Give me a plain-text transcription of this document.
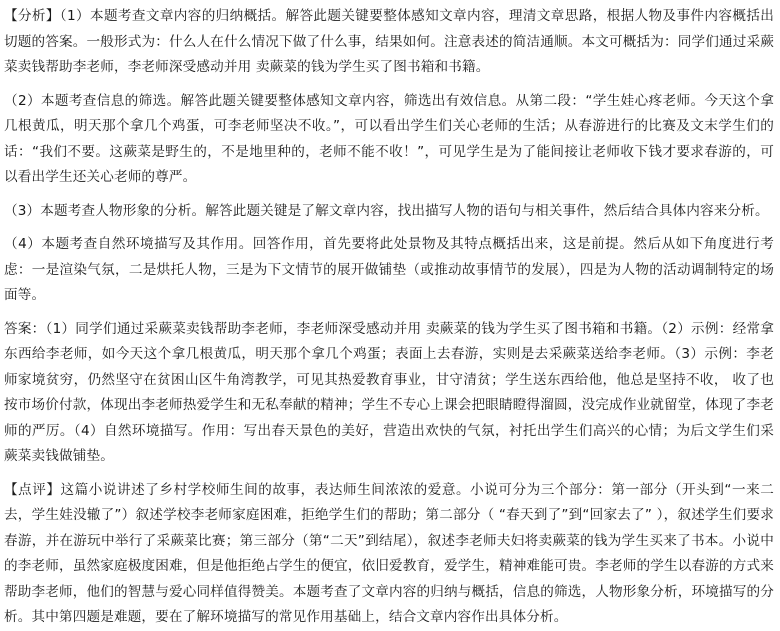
【分析】（1）本题考查文章内容的归纳概括。解答此题关键要整体感知文章内容，理清文章思路，根据人物及事件内容概括出切题的答案。一般形式为：什么人在什么情况下做了什么事，结果如何。注意表述的简洁通顺。本文可概括为：同学们通过采蕨菜卖钱帮助李老师，李老师深受感动并用 卖蕨菜的钱为学生买了图书箱和书籍。

（2）本题考查信息的筛选。解答此题关键要整体感知文章内容，筛选出有效信息。从第二段：“学生娃心疼老师。今天这个拿几根黄瓜，明天那个拿几个鸡蛋，可李老师坚决不收。”，可以看出学生们关心老师的生活；从春游进行的比赛及文末学生们的话：“我们不要。这蕨菜是野生的，不是地里种的，老师不能不收！”，可见学生是为了能间接让老师收下钱才要求春游的，可以看出学生还关心老师的尊严。

（3）本题考查人物形象的分析。解答此题关键是了解文章内容，找出描写人物的语句与相关事件，然后结合具体内容来分析。

（4）本题考查自然环境描写及其作用。回答作用，首先要将此处景物及其特点概括出来，这是前提。然后从如下角度进行考虑：一是渲染气氛，二是烘托人物，三是为下文情节的展开做铺垫（或推动故事情节的发展），四是为人物的活动调制特定的场面等。

答案：（1）同学们通过采蕨菜卖钱帮助李老师，李老师深受感动并用 卖蕨菜的钱为学生买了图书箱和书籍。（2）示例：经常拿东西给李老师，如今天这个拿几根黄瓜，明天那个拿几个鸡蛋；表面上去春游，实则是去采蕨菜送给李老师。（3）示例：李老师家境贫穷，仍然坚守在贫困山区牛角湾教学，可见其热爱教育事业，甘守清贫；学生送东西给他，他总是坚持不收， 收了也按市场价付款，体现出李老师热爱学生和无私奉献的精神；学生不专心上课会把眼睛瞪得溜圆，没完成作业就留堂，体现了李老师的严厉。（4）自然环境描写。作用：写出春天景色的美好，营造出欢快的气氛，衬托出学生们高兴的心情；为后文学生们采蕨菜卖钱做铺垫。

【点评】这篇小说讲述了乡村学校师生间的故事，表达师生间浓浓的爱意。小说可分为三个部分：第一部分（开头到“一来二去，学生娃没辙了”）叙述学校李老师家庭困难，拒绝学生们的帮助；第二部分（ “春天到了”到“回家去了” ），叙述学生们要求春游，并在游玩中举行了采蕨菜比赛；第三部分（第“二天”到结尾），叙述李老师夫妇将卖蕨菜的钱为学生买来了书本。小说中的李老师，虽然家庭极度困难，但是他拒绝占学生的便宜，依旧爱教育，爱学生，精神难能可贵。李老师的学生以春游的方式来帮助李老师，他们的智慧与爱心同样值得赞美。本题考查了文章内容的归纳与概括，信息的筛选，人物形象分析，环境描写的分析。其中第四题是难题，要在了解环境描写的常见作用基础上，结合文章内容作出具体分析。
